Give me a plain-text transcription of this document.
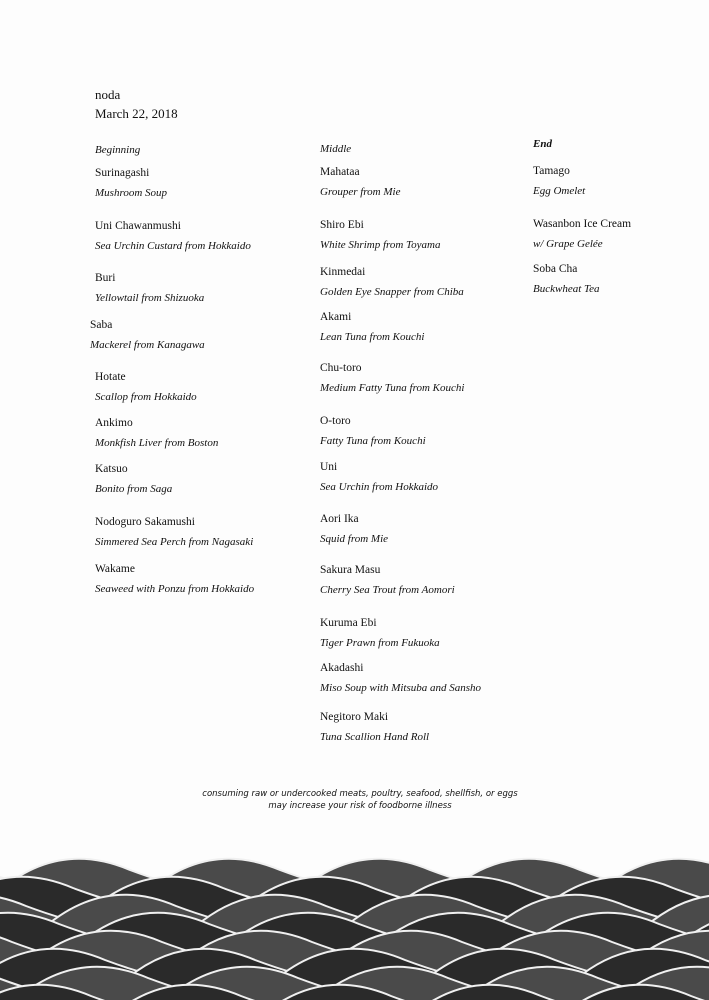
noda
March 22, 2018
Beginning
Surinagashi
Mushroom Soup
Uni Chawanmushi
Sea Urchin Custard from Hokkaido
Buri
Yellowtail from Shizuoka
Saba
Mackerel from Kanagawa
Hotate
Scallop from Hokkaido
Ankimo
Monkfish Liver from Boston
Katsuo
Bonito from Saga
Nodoguro Sakamushi
Simmered Sea Perch from Nagasaki
Wakame
Seaweed with Ponzu from Hokkaido
Middle
Mahataa
Grouper from Mie
Shiro Ebi
White Shrimp from Toyama
Kinmedai
Golden Eye Snapper from Chiba
Akami
Lean Tuna from Kouchi
Chu-toro
Medium Fatty Tuna from Kouchi
O-toro
Fatty Tuna from Kouchi
Uni
Sea Urchin from Hokkaido
Aori Ika
Squid from Mie
Sakura Masu
Cherry Sea Trout from Aomori
Kuruma Ebi
Tiger Prawn from Fukuoka
Akadashi
Miso Soup with Mitsuba and Sansho
Negitoro Maki
Tuna Scallion Hand Roll
End
Tamago
Egg Omelet
Wasanbon Ice Cream
w/ Grape Gelée
Soba Cha
Buckwheat Tea
consuming raw or undercooked meats, poultry, seafood, shellfish, or eggs
may increase your risk of foodborne illness
